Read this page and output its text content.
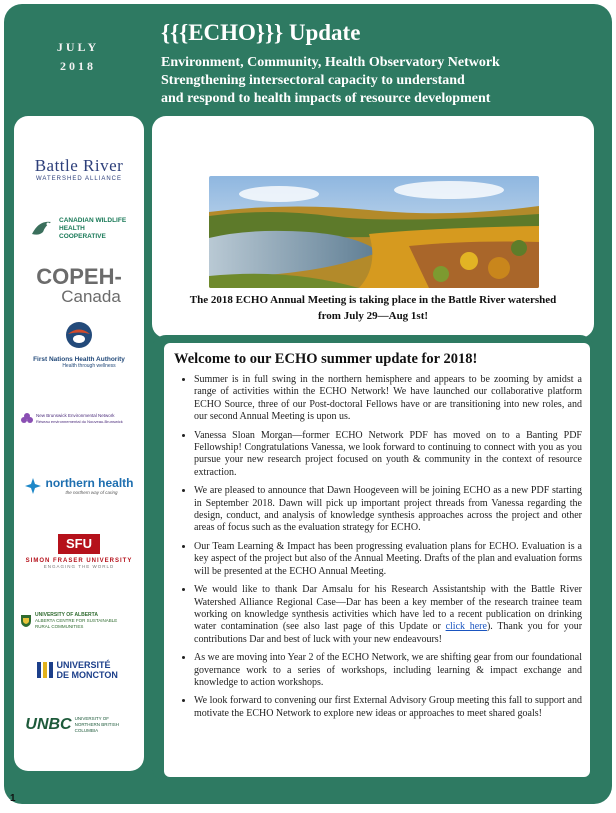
JULY
2018
{{{ECHO}}} Update
Environment, Community, Health Observatory Network
Strengthening intersectoral capacity to understand
and respond to health impacts of resource development
Battle River
WATERSHED ALLIANCE
CANADIAN WILDLIFE HEALTH COOPERATIVE
COPEH-
Canada
First Nations Health Authority
Health through wellness
New Brunswick Environmental Network
Réseau environnemental du Nouveau-Brunswick
northern health
the northern way of caring
SFU
SIMON FRASER UNIVERSITY
ENGAGING THE WORLD
UNIVERSITY OF ALBERTA
ALBERTA CENTRE FOR SUSTAINABLE RURAL COMMUNITIES
UNIVERSITÉ DE MONCTON
UNBC UNIVERSITY OF NORTHERN BRITISH COLUMBIA
The 2018 ECHO Annual Meeting is taking place in the Battle River watershed
from July 29—Aug 1st!
Welcome to our ECHO summer update for 2018!
• Summer is in full swing in the northern hemisphere and appears to be zooming by amidst a range of activities within the ECHO Network! We have launched our collaborative platform ECHO Source, three of our Post-doctoral Fellows have or are transitioning into new roles, and our second Annual Meeting is upon us.
• Vanessa Sloan Morgan—former ECHO Network PDF has moved on to a Banting PDF Fellowship! Congratulations Vanessa, we look forward to continuing to connect with you as you pursue your new research project focused on youth & community in the context of resource extraction.
• We are pleased to announce that Dawn Hoogeveen will be joining ECHO as a new PDF starting in September 2018. Dawn will pick up important project threads from Vanessa regarding the design, conduct, and analysis of knowledge synthesis approaches across the project and other areas of focus such as the evaluation strategy for ECHO.
• Our Team Learning & Impact has been progressing evaluation plans for ECHO. Evaluation is a key aspect of the project but also of the Annual Meeting. Drafts of the plan and evaluation forms will be presented at the ECHO Annual Meeting.
• We would like to thank Dar Amsalu for his Research Assistantship with the Battle River Watershed Alliance Regional Case—Dar has been a key member of the research trainee team working on knowledge synthesis activities which have led to a recent publication on drinking water contamination (see also last page of this Update or click here). Thank you for your contributions Dar and best of luck with your new endeavours!
• As we are moving into Year 2 of the ECHO Network, we are shifting gear from our foundational governance work to a series of workshops, including learning & impact exchange and knowledge to action workshops.
• We look forward to convening our first External Advisory Group meeting this fall to support and motivate the ECHO Network to explore new ideas or approaches to meet shared goals!
1
